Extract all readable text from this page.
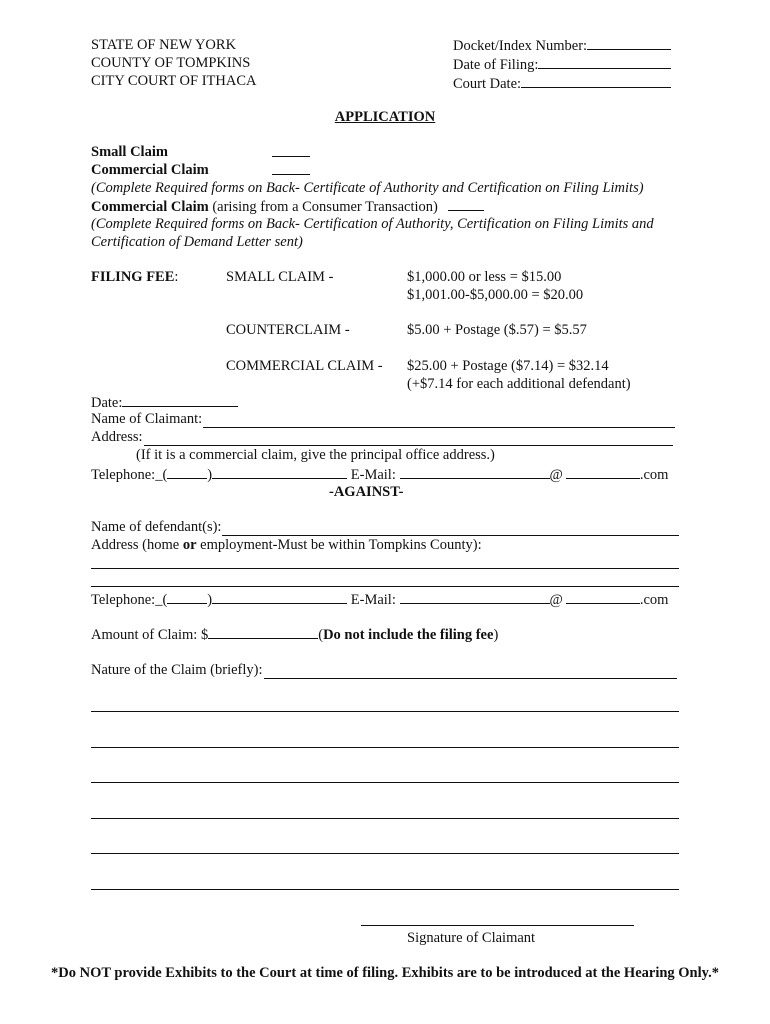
STATE OF NEW YORK
COUNTY OF TOMPKINS
CITY COURT OF ITHACA
Docket/Index Number:
Date of Filing:
Court Date:
APPLICATION
Small Claim
Commercial Claim
(Complete Required forms on Back- Certificate of Authority and Certification on Filing Limits)
Commercial Claim (arising from a Consumer Transaction)
(Complete Required forms on Back- Certification of Authority, Certification on Filing Limits and
Certification of Demand Letter sent)
FILING FEE:	SMALL CLAIM -	$1,000.00 or less = $15.00
$1,001.00-$5,000.00 = $20.00
COUNTERCLAIM -	$5.00 + Postage ($.57) = $5.57
COMMERCIAL CLAIM - $25.00 + Postage ($7.14) = $32.14
(+$7.14 for each additional defendant)
Date:
Name of Claimant:
Address:
(If it is a commercial claim, give the principal office address.)
Telephone:_(	)	E-Mail:	@	.com
-AGAINST-
Name of defendant(s):
Address (home or employment-Must be within Tompkins County):
Telephone:_(	)	E-Mail:	@	.com
Amount of Claim: $	(Do not include the filing fee)
Nature of the Claim (briefly):
Signature of Claimant
*Do NOT provide Exhibits to the Court at time of filing. Exhibits are to be introduced at the Hearing Only.*
